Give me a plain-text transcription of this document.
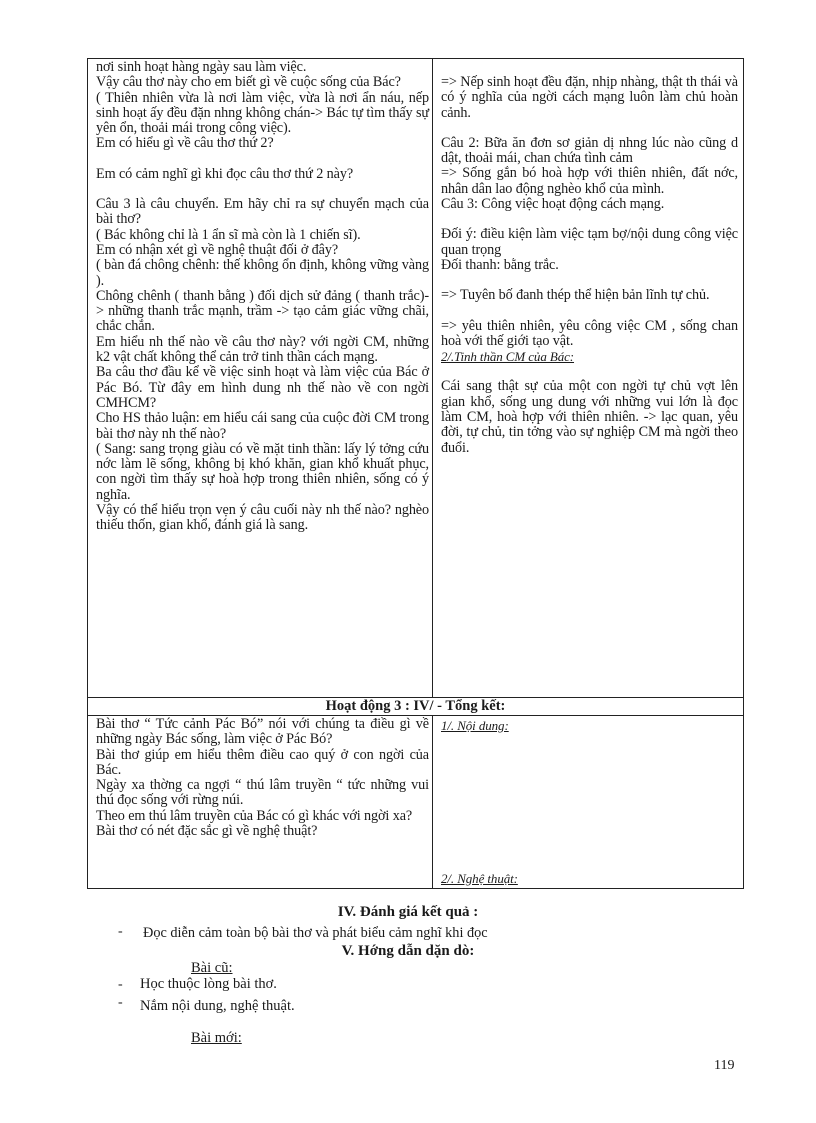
nơi sinh hoạt hàng ngày sau làm việc.
Vậy câu thơ này cho em biết gì về cuộc sống của Bác?
( Thiên nhiên vừa là nơi làm việc, vừa là nơi ẩn náu, nếp sinh hoạt ấy đều đặn nhng không chán-> Bác tự tìm thấy sự yên ổn, thoải mái trong công việc).
Em có hiểu gì về câu thơ thứ 2?
Em có cảm nghĩ gì khi đọc câu thơ thứ 2 này?
Câu 3 là câu chuyển. Em hãy chỉ ra sự chuyển mạch của bài thơ?
( Bác không chỉ là 1 ẩn sĩ mà còn là 1 chiến sĩ).
Em có nhận xét gì về nghệ thuật đối ở đây?
( bàn đá chông chênh: thế không ổn định, không vững vàng ).
Chông chênh ( thanh bằng ) đối dịch sử đảng ( thanh trắc)-> những thanh trắc mạnh, trầm -> tạo cảm giác vững chãi, chắc chắn.
Em hiểu nh thế nào về câu thơ này? với ngời CM, những k2 vật chất không thể cản trở tinh thần cách mạng.
Ba câu thơ đầu kể về việc sinh hoạt và làm việc của Bác ở Pác Bó. Từ đây em hình dung nh thế nào về con ngời CMHCM?
Cho HS thảo luận: em hiểu cái sang của cuộc đời CM trong bài thơ này nh thế nào?
( Sang: sang trọng giàu có về mặt tinh thần: lấy lý tởng cứu nớc làm lẽ sống, không bị khó khăn, gian khổ khuất phục, con ngời tìm thấy sự hoà hợp trong thiên nhiên, sống có ý nghĩa.
Vậy có thể hiểu trọn vẹn ý câu cuối này nh thế nào? nghèo thiếu thốn, gian khổ, đánh giá là sang.
=> Nếp sinh hoạt đều đặn, nhịp nhàng, thật th thái và có ý nghĩa của ngời cách mạng luôn làm chủ hoàn cảnh.
Câu 2: Bữa ăn đơn sơ giản dị nhng lúc nào cũng d dật, thoải mái, chan chứa tình cảm
=> Sống gắn bó hoà hợp với thiên nhiên, đất nớc, nhân dân lao động nghèo khổ của mình.
Câu 3: Công việc hoạt động cách mạng.
Đối ý: điều kiện làm việc tạm bợ/nội dung công việc quan trọng
Đối thanh: bằng trắc.
=> Tuyên bố đanh thép thể hiện bản lĩnh tự chủ.
=> yêu thiên nhiên, yêu công việc CM , sống chan hoà với thế giới tạo vật.
2/.Tinh thần CM của Bác:
Cái sang thật sự của một con ngời tự chủ vợt lên gian khổ, sống ung dung với những vui lớn là đọc làm CM, hoà hợp với thiên nhiên. -> lạc quan, yêu đời, tự chủ, tin tởng vào sự nghiệp CM mà ngời theo đuổi.
Hoạt động 3 : IV/ - Tổng kết:
Bài thơ “ Tức cảnh Pác Bó” nói với chúng ta điều gì về những ngày Bác sống, làm việc ở Pác Bó?
Bài thơ giúp em hiểu thêm điều cao quý ở con ngời của Bác.
Ngày xa thờng ca ngợi “ thú lâm truyền “ tức những vui thú đọc sống với rừng núi.
Theo em thú lâm truyền của Bác có gì khác với ngời xa?
Bài thơ có nét đặc sắc gì về nghệ thuật?
1/. Nội dung:
2/. Nghệ thuật:
IV. Đánh giá kết quả :
- Đọc diễn cảm toàn bộ bài thơ và phát biểu cảm nghĩ khi đọc
V. Hớng dẫn dặn dò:
Bài cũ:
- Học thuộc lòng bài thơ.
- Nắm nội dung, nghệ thuật.
Bài mới:
119
